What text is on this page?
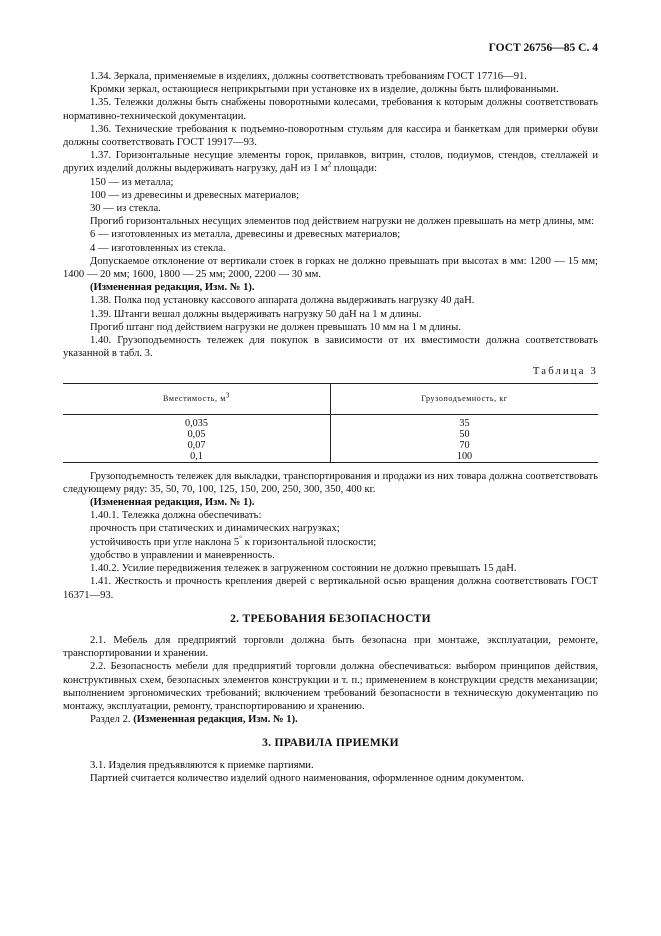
ГОСТ 26756—85 С. 4

1.34. Зеркала, применяемые в изделиях, должны соответствовать требованиям ГОСТ 17716—91.

Кромки зеркал, остающиеся неприкрытыми при установке их в изделие, должны быть шлифованными.

1.35. Тележки должны быть снабжены поворотными колесами, требования к которым должны соответствовать нормативно-технической документации.

1.36. Технические требования к подъемно-поворотным стульям для кассира и банкеткам для примерки обуви должны соответствовать ГОСТ 19917—93.

1.37. Горизонтальные несущие элементы горок, прилавков, витрин, столов, подиумов, стендов, стеллажей и других изделий должны выдерживать нагрузку, даН из 1 $м^2$ площади:

150 — из металла;

100 — из древесины и древесных материалов;

30 — из стекла.

Прогиб горизонтальных несущих элементов под действием нагрузки не должен превышать на метр длины, мм:

6 — изготовленных из металла, древесины и древесных материалов;

4 — изготовленных из стекла.

Допускаемое отклонение от вертикали стоек в горках не должно превышать при высотах в мм: 1200 — 15 мм; 1400 — 20 мм; 1600, 1800 — 25 мм; 2000, 2200 — 30 мм.

(Измененная редакция, Изм. № 1).

1.38. Полка под установку кассового аппарата должна выдерживать нагрузку 40 даН.

1.39. Штанги вешал должны выдерживать нагрузку 50 даН на 1 м длины.

Прогиб штанг под действием нагрузки не должен превышать 10 мм на 1 м длины.

1.40. Грузоподъемность тележек для покупок в зависимости от их вместимости должна соответствовать указанной в табл. 3.

Таблица 3
Вместимость, $м^3$	Грузоподъемность, кг
0,035	35
0,05	50
0,07	70
0,1	100

Грузоподъемность тележек для выкладки, транспортирования и продажи из них товара должна соответствовать следующему ряду: 35, 50, 70, 100, 125, 150, 200, 250, 300, 350, 400 кг.

(Измененная редакция, Изм. № 1).

1.40.1. Тележка должна обеспечивать:

прочность при статических и динамических нагрузках;

устойчивость при угле наклона 5° к горизонтальной плоскости;

удобство в управлении и маневренность.

1.40.2. Усилие передвижения тележек в загруженном состоянии не должно превышать 15 даН.

1.41. Жесткость и прочность крепления дверей с вертикальной осью вращения должна соответствовать ГОСТ 16371—93.

2. ТРЕБОВАНИЯ БЕЗОПАСНОСТИ

2.1. Мебель для предприятий торговли должна быть безопасна при монтаже, эксплуатации, ремонте, транспортировании и хранении.

2.2. Безопасность мебели для предприятий торговли должна обеспечиваться: выбором принципов действия, конструктивных схем, безопасных элементов конструкции и т. п.; применением в конструкции средств механизации; выполнением эргономических требований; включением требований безопасности в техническую документацию по монтажу, эксплуатации, ремонту, транспортированию и хранению.

Раздел 2. (Измененная редакция, Изм. № 1).

3. ПРАВИЛА ПРИЕМКИ

3.1. Изделия предъявляются к приемке партиями.

Партией считается количество изделий одного наименования, оформленное одним документом.
